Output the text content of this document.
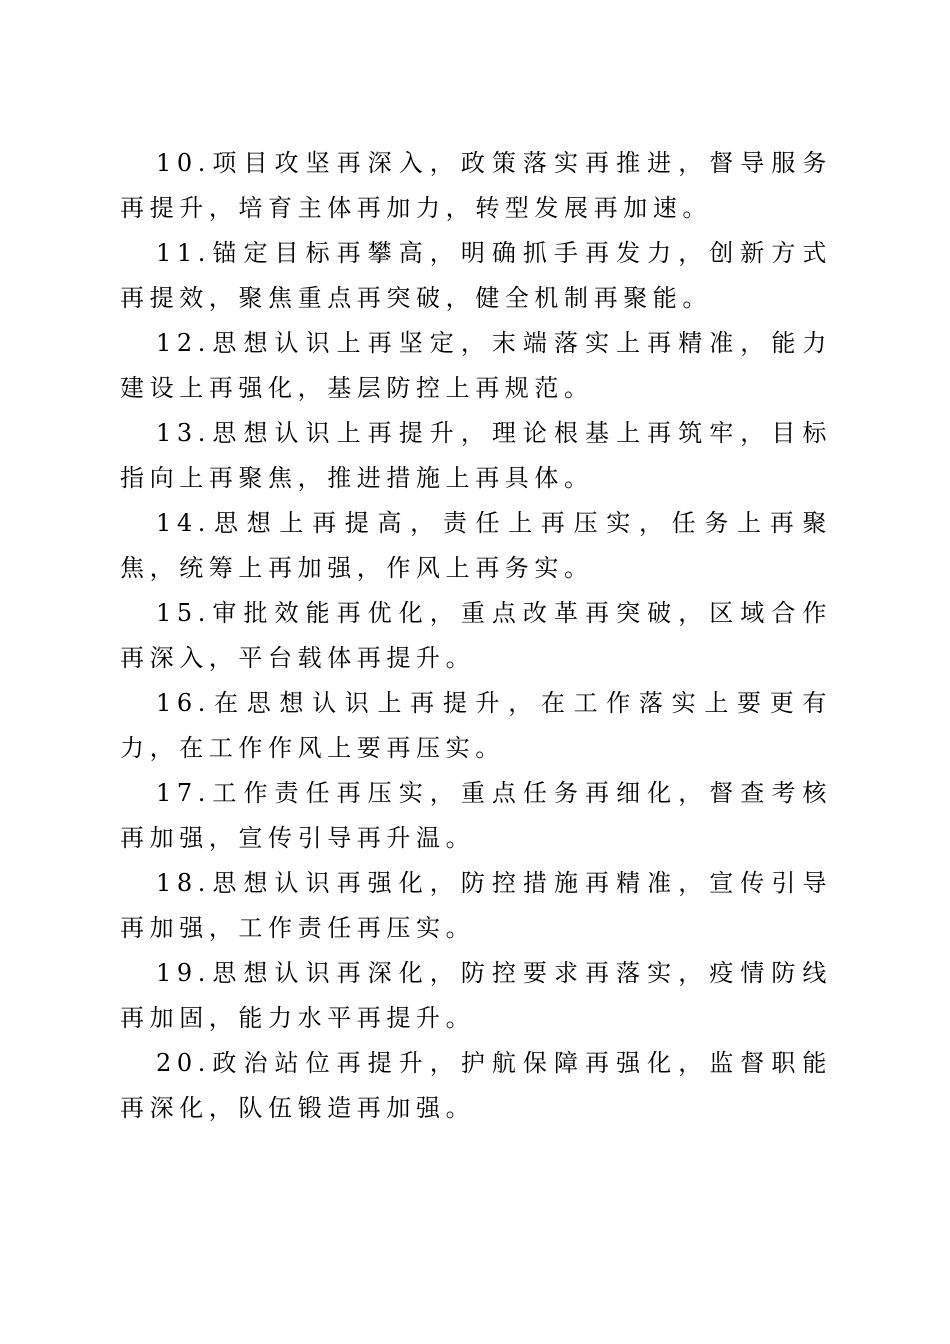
10.项目攻坚再深入，政策落实再推进，督导服务再提升，培育主体再加力，转型发展再加速。

11.锚定目标再攀高，明确抓手再发力，创新方式再提效，聚焦重点再突破，健全机制再聚能。

12.思想认识上再坚定，末端落实上再精准，能力建设上再强化，基层防控上再规范。

13.思想认识上再提升，理论根基上再筑牢，目标指向上再聚焦，推进措施上再具体。

14.思想上再提高，责任上再压实，任务上再聚焦，统筹上再加强，作风上再务实。

15.审批效能再优化，重点改革再突破，区域合作再深入，平台载体再提升。

16.在思想认识上再提升，在工作落实上要更有力，在工作作风上要再压实。

17.工作责任再压实，重点任务再细化，督查考核再加强，宣传引导再升温。

18.思想认识再强化，防控措施再精准，宣传引导再加强，工作责任再压实。

19.思想认识再深化，防控要求再落实，疫情防线再加固，能力水平再提升。

20.政治站位再提升，护航保障再强化，监督职能再深化，队伍锻造再加强。
